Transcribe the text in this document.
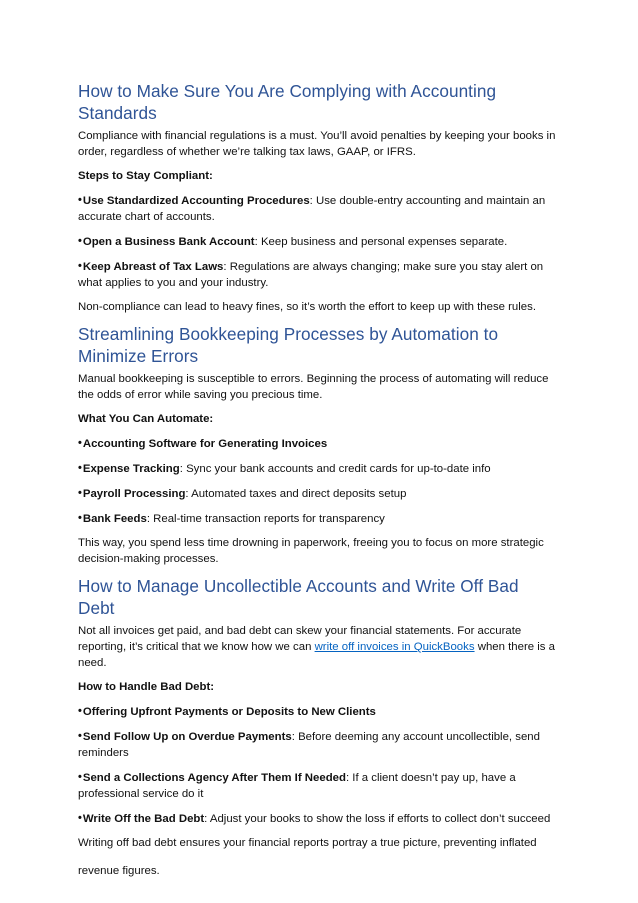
How to Make Sure You Are Complying with Accounting Standards

Compliance with financial regulations is a must. You’ll avoid penalties by keeping your books in order, regardless of whether we’re talking tax laws, GAAP, or IFRS.

Steps to Stay Compliant:

•Use Standardized Accounting Procedures: Use double-entry accounting and maintain an accurate chart of accounts.

•Open a Business Bank Account: Keep business and personal expenses separate.

•Keep Abreast of Tax Laws: Regulations are always changing; make sure you stay alert on what applies to you and your industry.

Non-compliance can lead to heavy fines, so it’s worth the effort to keep up with these rules.

Streamlining Bookkeeping Processes by Automation to Minimize Errors

Manual bookkeeping is susceptible to errors. Beginning the process of automating will reduce the odds of error while saving you precious time.

What You Can Automate:

•Accounting Software for Generating Invoices

•Expense Tracking: Sync your bank accounts and credit cards for up-to-date info

•Payroll Processing: Automated taxes and direct deposits setup

•Bank Feeds: Real-time transaction reports for transparency

This way, you spend less time drowning in paperwork, freeing you to focus on more strategic decision-making processes.

How to Manage Uncollectible Accounts and Write Off Bad Debt

Not all invoices get paid, and bad debt can skew your financial statements. For accurate reporting, it’s critical that we know how we can write off invoices in QuickBooks when there is a need.

How to Handle Bad Debt:

•Offering Upfront Payments or Deposits to New Clients

•Send Follow Up on Overdue Payments: Before deeming any account uncollectible, send reminders

•Send a Collections Agency After Them If Needed: If a client doesn’t pay up, have a professional service do it

•Write Off the Bad Debt: Adjust your books to show the loss if efforts to collect don’t succeed

Writing off bad debt ensures your financial reports portray a true picture, preventing inflated

revenue figures.
